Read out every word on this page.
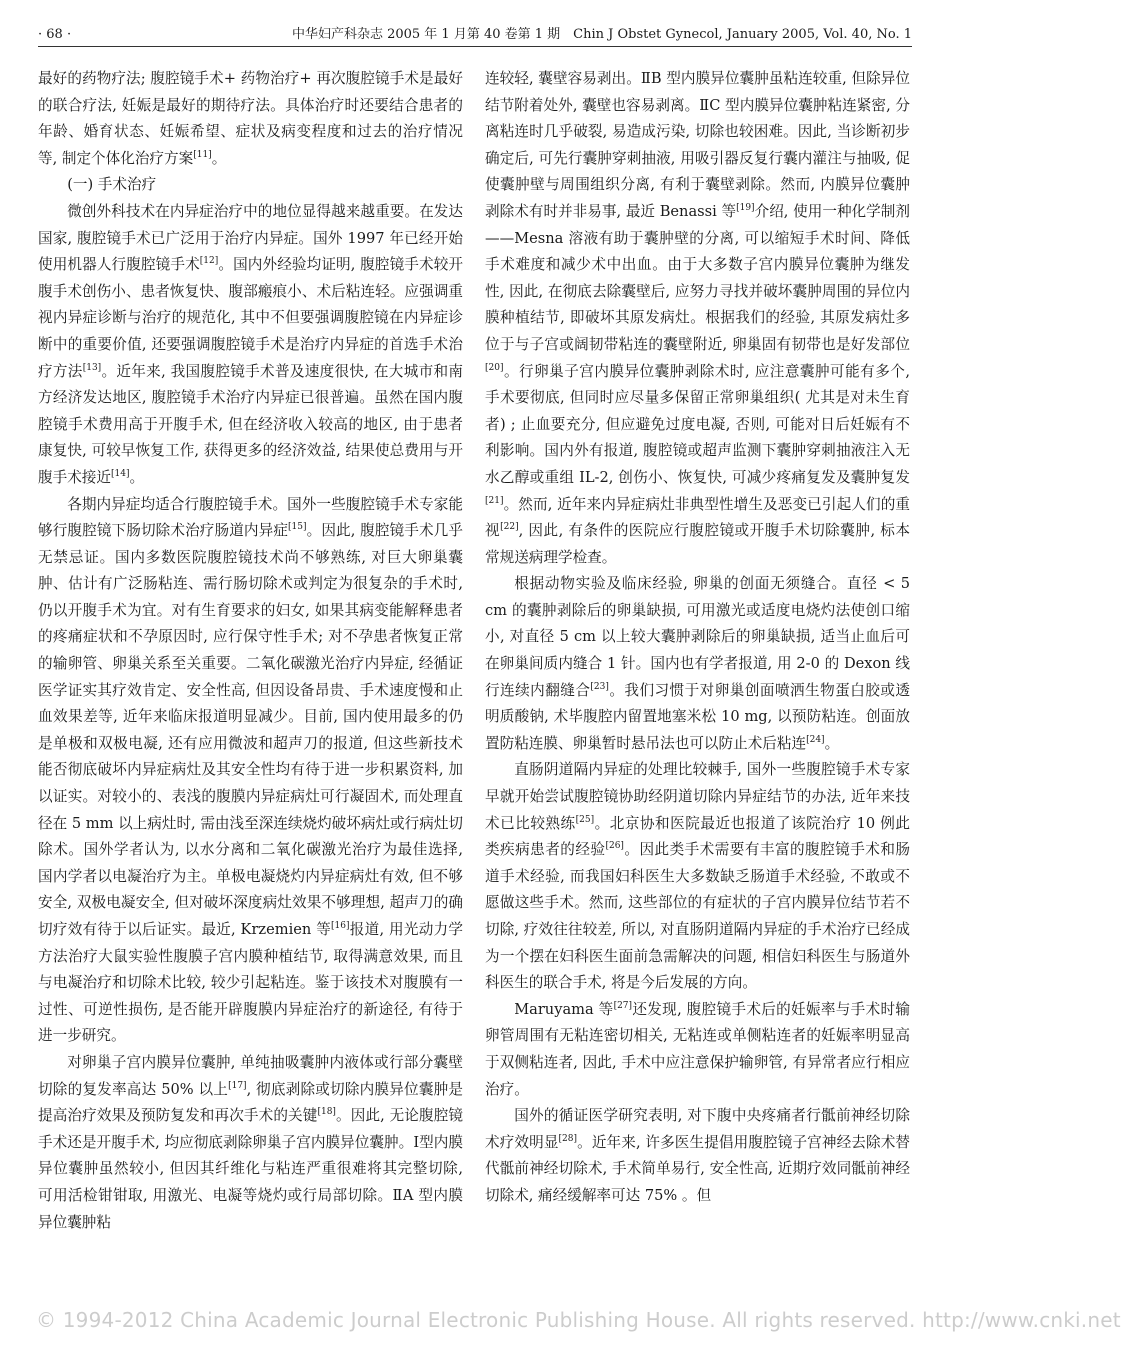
· 68 ·	中华妇产科杂志 2005 年 1 月第 40 卷第 1 期　Chin J Obstet Gynecol, January 2005, Vol. 40, No. 1

最好的药物疗法; 腹腔镜手术+ 药物治疗+ 再次腹腔镜手术是最好的联合疗法, 妊娠是最好的期待疗法。具体治疗时还要结合患者的年龄、婚育状态、妊娠希望、症状及病变程度和过去的治疗情况等, 制定个体化治疗方案[11]。

(一) 手术治疗

微创外科技术在内异症治疗中的地位显得越来越重要。在发达国家, 腹腔镜手术已广泛用于治疗内异症。国外 1997 年已经开始使用机器人行腹腔镜手术[12]。国内外经验均证明, 腹腔镜手术较开腹手术创伤小、患者恢复快、腹部瘢痕小、术后粘连轻。应强调重视内异症诊断与治疗的规范化, 其中不但要强调腹腔镜在内异症诊断中的重要价值, 还要强调腹腔镜手术是治疗内异症的首选手术治疗方法[13]。近年来, 我国腹腔镜手术普及速度很快, 在大城市和南方经济发达地区, 腹腔镜手术治疗内异症已很普遍。虽然在国内腹腔镜手术费用高于开腹手术, 但在经济收入较高的地区, 由于患者康复快, 可较早恢复工作, 获得更多的经济效益, 结果使总费用与开腹手术接近[14]。

各期内异症均适合行腹腔镜手术。国外一些腹腔镜手术专家能够行腹腔镜下肠切除术治疗肠道内异症[15]。因此, 腹腔镜手术几乎无禁忌证。国内多数医院腹腔镜技术尚不够熟练, 对巨大卵巢囊肿、估计有广泛肠粘连、需行肠切除术或判定为很复杂的手术时, 仍以开腹手术为宜。对有生育要求的妇女, 如果其病变能解释患者的疼痛症状和不孕原因时, 应行保守性手术; 对不孕患者恢复正常的输卵管、卵巢关系至关重要。二氧化碳激光治疗内异症, 经循证医学证实其疗效肯定、安全性高, 但因设备昂贵、手术速度慢和止血效果差等, 近年来临床报道明显减少。目前, 国内使用最多的仍是单极和双极电凝, 还有应用微波和超声刀的报道, 但这些新技术能否彻底破坏内异症病灶及其安全性均有待于进一步积累资料, 加以证实。对较小的、表浅的腹膜内异症病灶可行凝固术, 而处理直径在 5 mm 以上病灶时, 需由浅至深连续烧灼破坏病灶或行病灶切除术。国外学者认为, 以水分离和二氧化碳激光治疗为最佳选择, 国内学者以电凝治疗为主。单极电凝烧灼内异症病灶有效, 但不够安全, 双极电凝安全, 但对破坏深度病灶效果不够理想, 超声刀的确切疗效有待于以后证实。最近, Krzemien 等[16]报道, 用光动力学方法治疗大鼠实验性腹膜子宫内膜种植结节, 取得满意效果, 而且与电凝治疗和切除术比较, 较少引起粘连。鉴于该技术对腹膜有一过性、可逆性损伤, 是否能开辟腹膜内异症治疗的新途径, 有待于进一步研究。

对卵巢子宫内膜异位囊肿, 单纯抽吸囊肿内液体或行部分囊壁切除的复发率高达 50% 以上[17], 彻底剥除或切除内膜异位囊肿是提高治疗效果及预防复发和再次手术的关键[18]。因此, 无论腹腔镜手术还是开腹手术, 均应彻底剥除卵巢子宫内膜异位囊肿。Ⅰ型内膜异位囊肿虽然较小, 但因其纤维化与粘连严重很难将其完整切除, 可用活检钳钳取, 用激光、电凝等烧灼或行局部切除。ⅡA 型内膜异位囊肿粘

连较轻, 囊壁容易剥出。ⅡB 型内膜异位囊肿虽粘连较重, 但除异位结节附着处外, 囊壁也容易剥离。ⅡC 型内膜异位囊肿粘连紧密, 分离粘连时几乎破裂, 易造成污染, 切除也较困难。因此, 当诊断初步确定后, 可先行囊肿穿刺抽液, 用吸引器反复行囊内灌注与抽吸, 促使囊肿壁与周围组织分离, 有利于囊壁剥除。然而, 内膜异位囊肿剥除术有时并非易事, 最近 Benassi 等[19]介绍, 使用一种化学制剂——Mesna 溶液有助于囊肿壁的分离, 可以缩短手术时间、降低手术难度和减少术中出血。由于大多数子宫内膜异位囊肿为继发性, 因此, 在彻底去除囊壁后, 应努力寻找并破坏囊肿周围的异位内膜种植结节, 即破坏其原发病灶。根据我们的经验, 其原发病灶多位于与子宫或阔韧带粘连的囊壁附近, 卵巢固有韧带也是好发部位[20]。行卵巢子宫内膜异位囊肿剥除术时, 应注意囊肿可能有多个, 手术要彻底, 但同时应尽量多保留正常卵巢组织( 尤其是对未生育者) ; 止血要充分, 但应避免过度电凝, 否则, 可能对日后妊娠有不利影响。国内外有报道, 腹腔镜或超声监测下囊肿穿刺抽液注入无水乙醇或重组 IL-2, 创伤小、恢复快, 可减少疼痛复发及囊肿复发[21]。然而, 近年来内异症病灶非典型性增生及恶变已引起人们的重视[22], 因此, 有条件的医院应行腹腔镜或开腹手术切除囊肿, 标本常规送病理学检查。

根据动物实验及临床经验, 卵巢的创面无须缝合。直径 < 5 cm 的囊肿剥除后的卵巢缺损, 可用激光或适度电烧灼法使创口缩小, 对直径 5 cm 以上较大囊肿剥除后的卵巢缺损, 适当止血后可在卵巢间质内缝合 1 针。国内也有学者报道, 用 2-0 的 Dexon 线行连续内翻缝合[23]。我们习惯于对卵巢创面喷洒生物蛋白胶或透明质酸钠, 术毕腹腔内留置地塞米松 10 mg, 以预防粘连。创面放置防粘连膜、卵巢暂时悬吊法也可以防止术后粘连[24]。

直肠阴道隔内异症的处理比较棘手, 国外一些腹腔镜手术专家早就开始尝试腹腔镜协助经阴道切除内异症结节的办法, 近年来技术已比较熟练[25]。北京协和医院最近也报道了该院治疗 10 例此类疾病患者的经验[26]。因此类手术需要有丰富的腹腔镜手术和肠道手术经验, 而我国妇科医生大多数缺乏肠道手术经验, 不敢或不愿做这些手术。然而, 这些部位的有症状的子宫内膜异位结节若不切除, 疗效往往较差, 所以, 对直肠阴道隔内异症的手术治疗已经成为一个摆在妇科医生面前急需解决的问题, 相信妇科医生与肠道外科医生的联合手术, 将是今后发展的方向。

Maruyama 等[27]还发现, 腹腔镜手术后的妊娠率与手术时输卵管周围有无粘连密切相关, 无粘连或单侧粘连者的妊娠率明显高于双侧粘连者, 因此, 手术中应注意保护输卵管, 有异常者应行相应治疗。

国外的循证医学研究表明, 对下腹中央疼痛者行骶前神经切除术疗效明显[28]。近年来, 许多医生提倡用腹腔镜子宫神经去除术替代骶前神经切除术, 手术简单易行, 安全性高, 近期疗效同骶前神经切除术, 痛经缓解率可达 75% 。但

© 1994-2012 China Academic Journal Electronic Publishing House. All rights reserved. http://www.cnki.net
